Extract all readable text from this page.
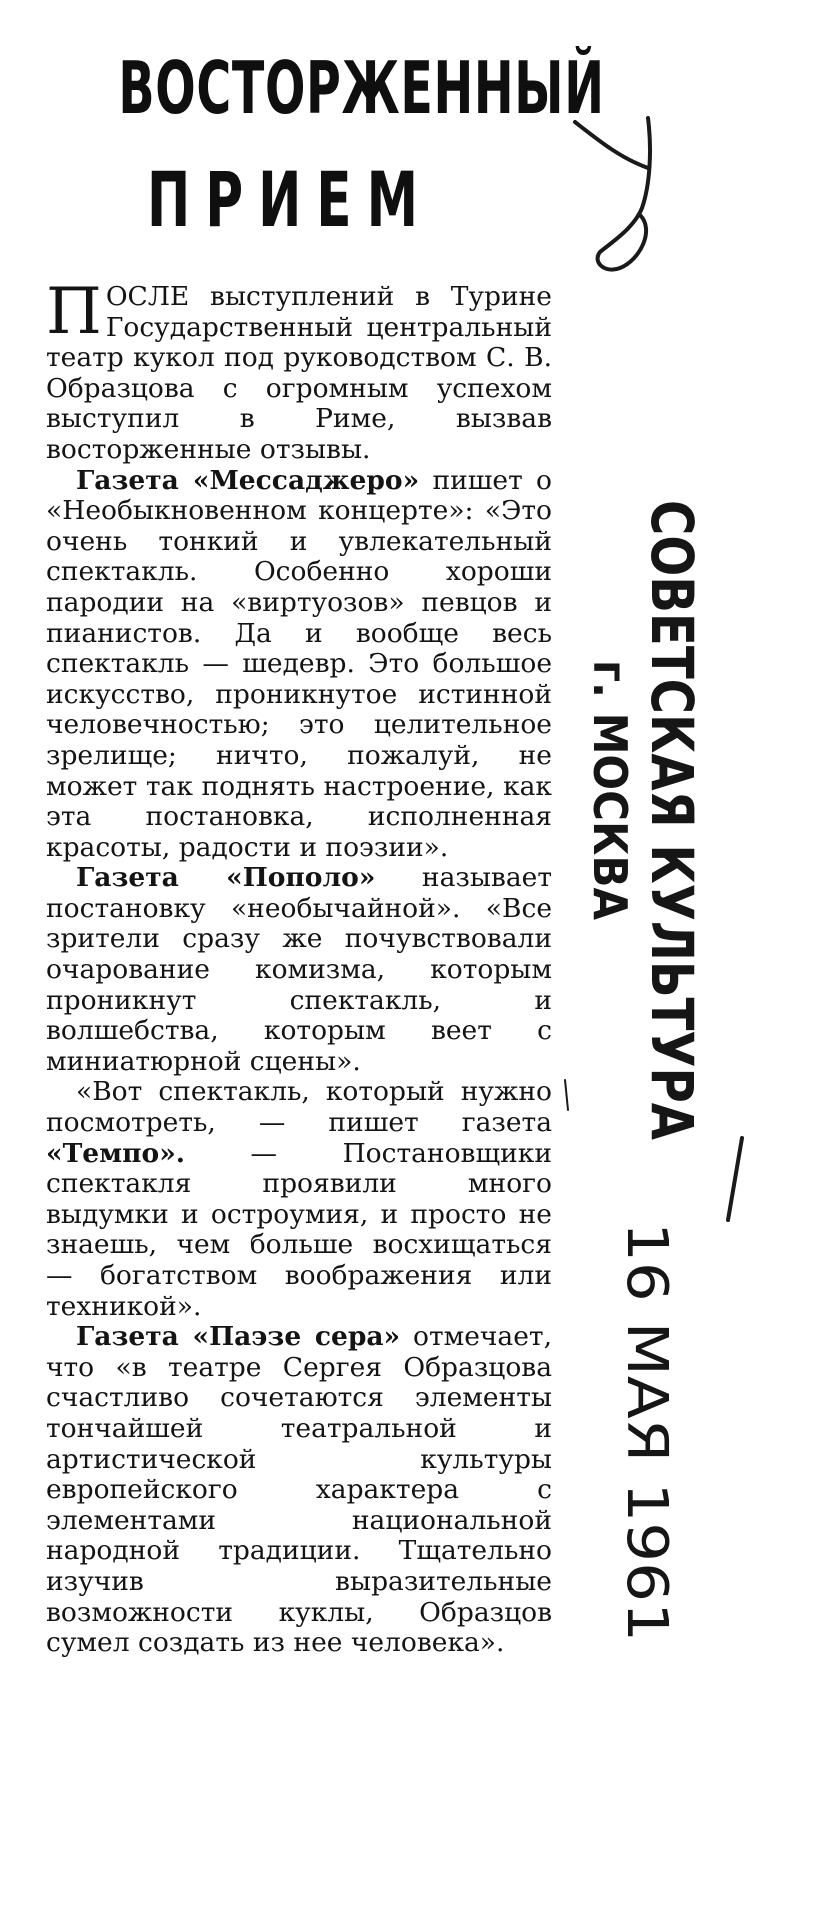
ВОСТОРЖЕННЫЙ
ПРИЕМ

ПОСЛЕ выступлений в Турине Государственный центральный театр кукол под руководством С. В. Образцова с огромным успехом выступил в Риме, вызвав восторженные отзывы.

Газета «Мессаджеро» пишет о «Необыкновенном концерте»: «Это очень тонкий и увлекательный спектакль. Особенно хороши пародии на «виртуозов» певцов и пианистов. Да и вообще весь спектакль — шедевр. Это большое искусство, проникнутое истинной человечностью; это целительное зрелище; ничто, пожалуй, не может так поднять настроение, как эта постановка, исполненная красоты, радости и поэзии».

Газета «Пополо» называет постановку «необычайной». «Все зрители сразу же почувствовали очарование комизма, которым проникнут спектакль, и волшебства, которым веет с миниатюрной сцены».

«Вот спектакль, который нужно посмотреть, — пишет газета «Темпо». — Постановщики спектакля проявили много выдумки и остроумия, и просто не знаешь, чем больше восхищаться — богатством воображения или техникой».

Газета «Паэзе сера» отмечает, что «в театре Сергея Образцова счастливо сочетаются элементы тончайшей театральной и артистической культуры европейского характера с элементами национальной народной традиции. Тщательно изучив выразительные возможности куклы, Образцов сумел создать из нее человека».

СОВЕТСКАЯ КУЛЬТУРА
г. МОСКВА
16 МАЯ 1961
